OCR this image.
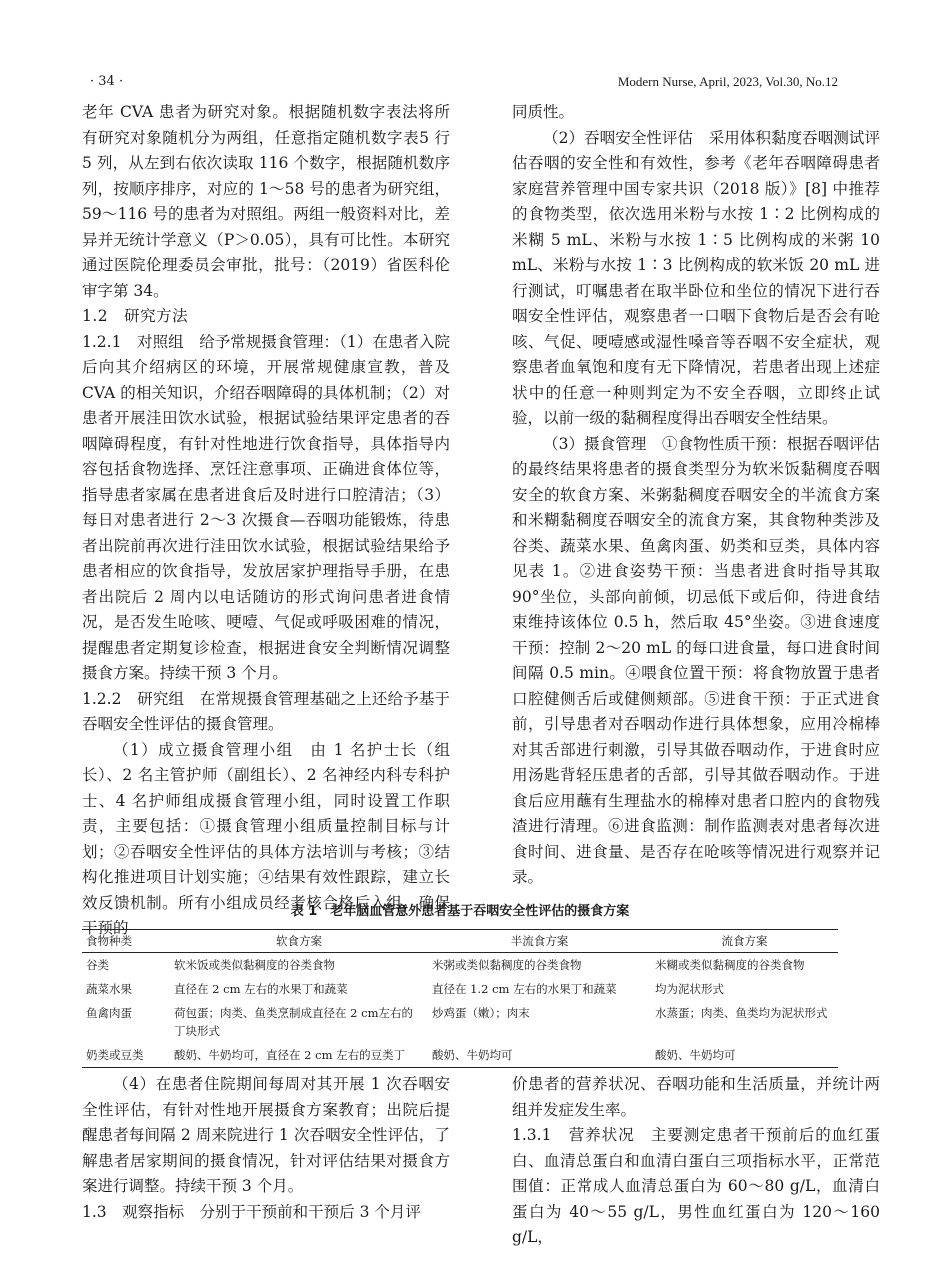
· 34 ·	Modern Nurse, April, 2023, Vol.30, No.12

老年 CVA 患者为研究对象。根据随机数字表法将所有研究对象随机分为两组，任意指定随机数字表5 行 5 列，从左到右依次读取 116 个数字，根据随机数序列，按顺序排序，对应的 1～58 号的患者为研究组，59～116 号的患者为对照组。两组一般资料对比，差异并无统计学意义（P＞0.05），具有可比性。本研究通过医院伦理委员会审批，批号：（2019）省医科伦审字第 34。

1.2　研究方法

1.2.1　对照组　给予常规摄食管理：（1）在患者入院后向其介绍病区的环境，开展常规健康宣教，普及 CVA 的相关知识，介绍吞咽障碍的具体机制；（2）对患者开展洼田饮水试验，根据试验结果评定患者的吞咽障碍程度，有针对性地进行饮食指导，具体指导内容包括食物选择、烹饪注意事项、正确进食体位等，指导患者家属在患者进食后及时进行口腔清洁；（3）每日对患者进行 2～3 次摄食—吞咽功能锻炼，待患者出院前再次进行洼田饮水试验，根据试验结果给予患者相应的饮食指导，发放居家护理指导手册，在患者出院后 2 周内以电话随访的形式询问患者进食情况，是否发生呛咳、哽噎、气促或呼吸困难的情况，提醒患者定期复诊检查，根据进食安全判断情况调整摄食方案。持续干预 3 个月。

1.2.2　研究组　在常规摄食管理基础之上还给予基于吞咽安全性评估的摄食管理。

（1）成立摄食管理小组　由 1 名护士长（组长）、2 名主管护师（副组长）、2 名神经内科专科护士、4 名护师组成摄食管理小组，同时设置工作职责，主要包括：①摄食管理小组质量控制目标与计划；②吞咽安全性评估的具体方法培训与考核；③结构化推进项目计划实施；④结果有效性跟踪，建立长效反馈机制。所有小组成员经考核合格后入组，确保干预的

同质性。

（2）吞咽安全性评估　采用体积黏度吞咽测试评估吞咽的安全性和有效性，参考《老年吞咽障碍患者家庭营养管理中国专家共识（2018 版）》[8] 中推荐的食物类型，依次选用米粉与水按 1∶2 比例构成的米糊 5 mL、米粉与水按 1∶5 比例构成的米粥 10 mL、米粉与水按 1∶3 比例构成的软米饭 20 mL 进行测试，叮嘱患者在取半卧位和坐位的情况下进行吞咽安全性评估，观察患者一口咽下食物后是否会有呛咳、气促、哽噎感或湿性嗓音等吞咽不安全症状，观察患者血氧饱和度有无下降情况，若患者出现上述症状中的任意一种则判定为不安全吞咽，立即终止试验，以前一级的黏稠程度得出吞咽安全性结果。

（3）摄食管理　①食物性质干预：根据吞咽评估的最终结果将患者的摄食类型分为软米饭黏稠度吞咽安全的软食方案、米粥黏稠度吞咽安全的半流食方案和米糊黏稠度吞咽安全的流食方案，其食物种类涉及谷类、蔬菜水果、鱼禽肉蛋、奶类和豆类，具体内容见表 1。②进食姿势干预：当患者进食时指导其取 90°坐位，头部向前倾，切忌低下或后仰，待进食结束维持该体位 0.5 h，然后取 45°坐姿。③进食速度干预：控制 2～20 mL 的每口进食量，每口进食时间间隔 0.5 min。④喂食位置干预：将食物放置于患者口腔健侧舌后或健侧颊部。⑤进食干预：于正式进食前，引导患者对吞咽动作进行具体想象，应用冷棉棒对其舌部进行刺激，引导其做吞咽动作，于进食时应用汤匙背轻压患者的舌部，引导其做吞咽动作。于进食后应用蘸有生理盐水的棉棒对患者口腔内的食物残渣进行清理。⑥进食监测：制作监测表对患者每次进食时间、进食量、是否存在呛咳等情况进行观察并记录。

表 1　老年脑血管意外患者基于吞咽安全性评估的摄食方案
食物种类	软食方案	半流食方案	流食方案
谷类	软米饭或类似黏稠度的谷类食物	米粥或类似黏稠度的谷类食物	米糊或类似黏稠度的谷类食物
蔬菜水果	直径在 2 cm 左右的水果丁和蔬菜	直径在 1.2 cm 左右的水果丁和蔬菜	均为泥状形式
鱼禽肉蛋	荷包蛋；肉类、鱼类烹制成直径在 2 cm左右的丁块形式	炒鸡蛋（嫩）；肉末	水蒸蛋；肉类、鱼类均为泥状形式
奶类或豆类	酸奶、牛奶均可，直径在 2 cm 左右的豆类丁	酸奶、牛奶均可	酸奶、牛奶均可

（4）在患者住院期间每周对其开展 1 次吞咽安全性评估，有针对性地开展摄食方案教育；出院后提醒患者每间隔 2 周来院进行 1 次吞咽安全性评估，了解患者居家期间的摄食情况，针对评估结果对摄食方案进行调整。持续干预 3 个月。

1.3　观察指标　分别于干预前和干预后 3 个月评

价患者的营养状况、吞咽功能和生活质量，并统计两组并发症发生率。

1.3.1　营养状况　主要测定患者干预前后的血红蛋白、血清总蛋白和血清白蛋白三项指标水平，正常范围值：正常成人血清总蛋白为 60～80 g/L，血清白蛋白为 40～55 g/L，男性血红蛋白为 120～160 g/L，
